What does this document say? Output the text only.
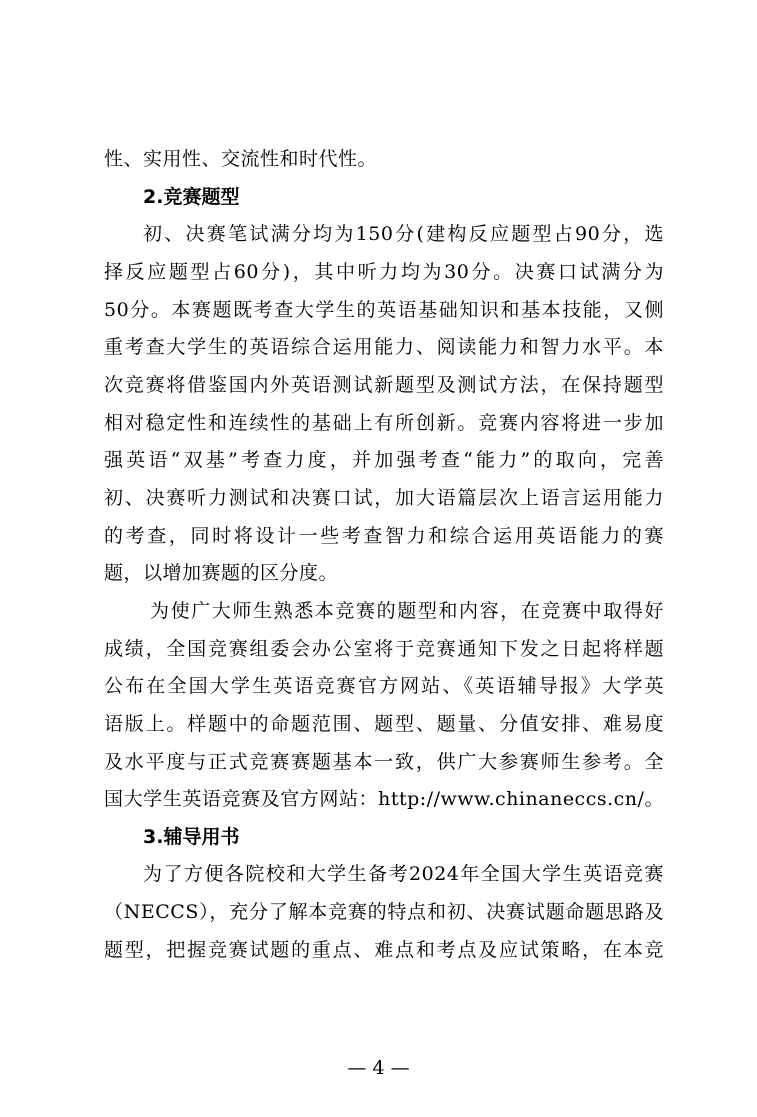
性、实用性、交流性和时代性。
2.竞赛题型
初、决赛笔试满分均为150分(建构反应题型占90分，选
择反应题型占60分)，其中听力均为30分。决赛口试满分为
50分。本赛题既考查大学生的英语基础知识和基本技能，又侧
重考查大学生的英语综合运用能力、阅读能力和智力水平。本
次竞赛将借鉴国内外英语测试新题型及测试方法，在保持题型
相对稳定性和连续性的基础上有所创新。竞赛内容将进一步加
强英语“双基”考查力度，并加强考查“能力”的取向，完善
初、决赛听力测试和决赛口试，加大语篇层次上语言运用能力
的考查，同时将设计一些考查智力和综合运用英语能力的赛
题，以增加赛题的区分度。
为使广大师生熟悉本竞赛的题型和内容，在竞赛中取得好
成绩，全国竞赛组委会办公室将于竞赛通知下发之日起将样题
公布在全国大学生英语竞赛官方网站、《英语辅导报》大学英
语版上。样题中的命题范围、题型、题量、分值安排、难易度
及水平度与正式竞赛赛题基本一致，供广大参赛师生参考。全
国大学生英语竞赛及官方网站：http://www.chinaneccs.cn/。
3.辅导用书
为了方便各院校和大学生备考2024年全国大学生英语竞赛
（NECCS），充分了解本竞赛的特点和初、决赛试题命题思路及
题型，把握竞赛试题的重点、难点和考点及应试策略，在本竞
— 4 —
